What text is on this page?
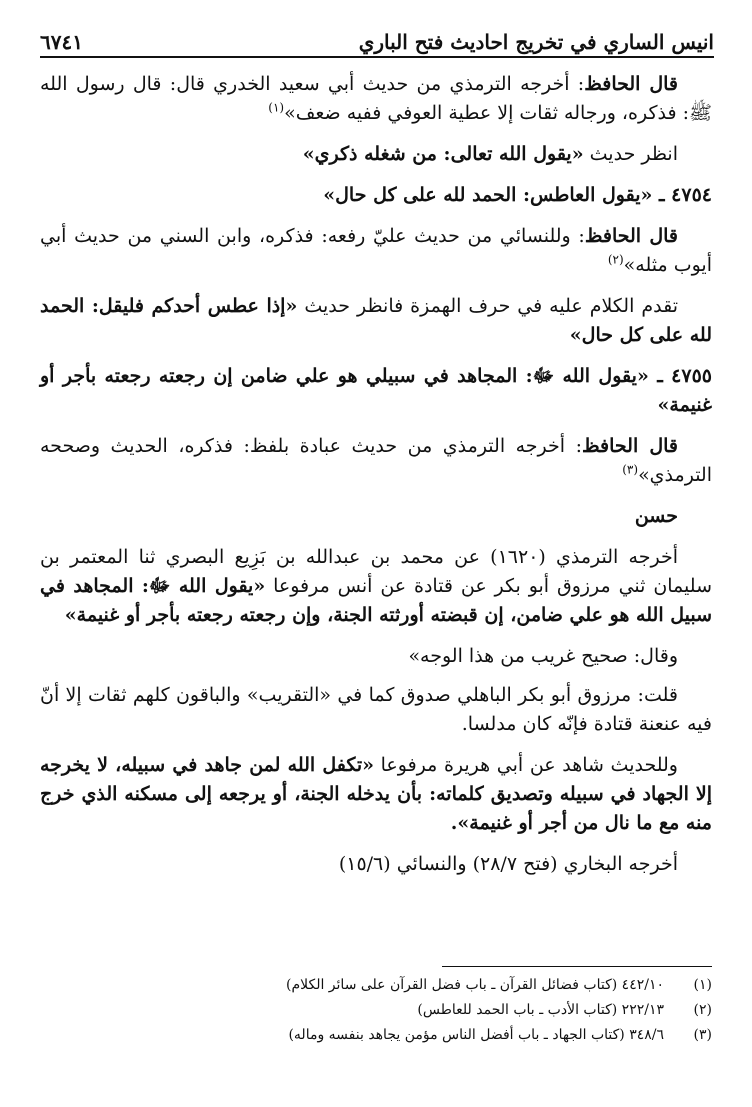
انيس الساري في تخريج احاديث فتح الباري
٦٧٤١

قال الحافظ: أخرجه الترمذي من حديث أبي سعيد الخدري قال: قال رسول الله ﷺ: فذكره، ورجاله ثقات إلا عطية العوفي ففيه ضعف»$^{(١)}$

انظر حديث «يقول الله تعالى: من شغله ذكري»

٤٧٥٤ ـ «يقول العاطس: الحمد لله على كل حال»

قال الحافظ: وللنسائي من حديث عليّ رفعه: فذكره، وابن السني من حديث أبي أيوب مثله»$^{(٢)}$

تقدم الكلام عليه في حرف الهمزة فانظر حديث «إذا عطس أحدكم فليقل: الحمد لله على كل حال»

٤٧٥٥ ـ «يقول الله ﷻ: المجاهد في سبيلي هو علي ضامن إن رجعته رجعته بأجر أو غنيمة»

قال الحافظ: أخرجه الترمذي من حديث عبادة بلفظ: فذكره، الحديث وصححه الترمذي»$^{(٣)}$

حسن

أخرجه الترمذي (١٦٢٠) عن محمد بن عبدالله بن بَزِيع البصري ثنا المعتمر بن سليمان ثني مرزوق أبو بكر عن قتادة عن أنس مرفوعا «يقول الله ﷻ: المجاهد في سبيل الله هو علي ضامن، إن قبضته أورثته الجنة، وإن رجعته رجعته بأجر أو غنيمة»

وقال: صحيح غريب من هذا الوجه»

قلت: مرزوق أبو بكر الباهلي صدوق كما في «التقريب» والباقون كلهم ثقات إلا أنّ فيه عنعنة قتادة فإنّه كان مدلسا.

وللحديث شاهد عن أبي هريرة مرفوعا «تكفل الله لمن جاهد في سبيله، لا يخرجه إلا الجهاد في سبيله وتصديق كلماته: بأن يدخله الجنة، أو يرجعه إلى مسكنه الذي خرج منه مع ما نال من أجر أو غنيمة».

أخرجه البخاري (فتح ٢٨/٧) والنسائي (١٥/٦)

(١)
٤٤٢/١٠ (كتاب فضائل القرآن ـ باب فضل القرآن على سائر الكلام)
(٢)
٢٢٢/١٣ (كتاب الأدب ـ باب الحمد للعاطس)
(٣)
٣٤٨/٦ (كتاب الجهاد ـ باب أفضل الناس مؤمن يجاهد بنفسه وماله)
